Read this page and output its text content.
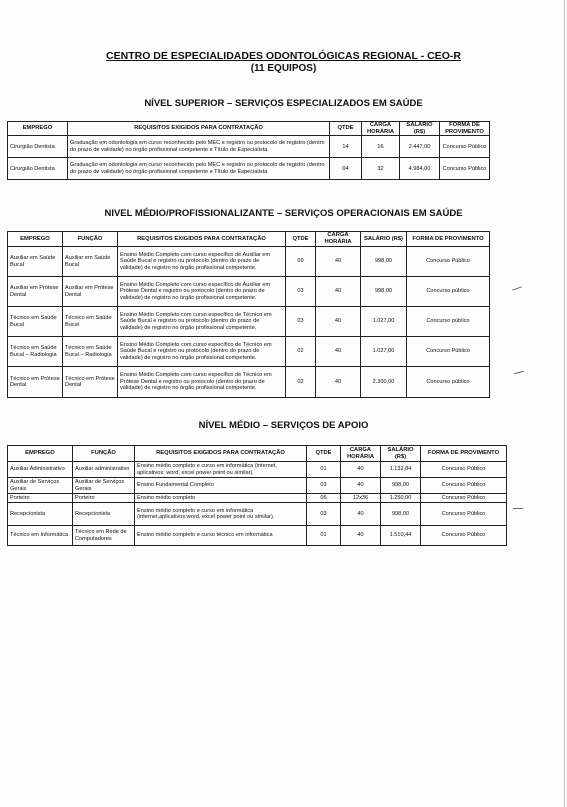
CENTRO DE ESPECIALIDADES ODONTOLÓGICAS REGIONAL - CEO-R
(11 EQUIPOS)
NÍVEL SUPERIOR – SERVIÇOS ESPECIALIZADOS EM SAÚDE
EMPREGO	REQUISITOS EXIGIDOS PARA CONTRATAÇÃO	QTDE	CARGA HORÁRIA	SALÁRIO (R$)	FORMA DE PROVIMENTO
Cirurgião Dentista	Graduação em odontologia em curso reconhecido pelo MEC e registro ou protocolo de registro (dentro do prazo de validade) no órgão profissional competente e Título de Especialista	14	16	2.447,00	Concurso Público
Cirurgião Dentista	Graduação em odontologia em curso reconhecido pelo MEC e registro ou protocolo de registro (dentro do prazo de validade) no órgão profissional competente e Título de Especialista	04	32	4.984,00	Concurso Público
NIVEL MÉDIO/PROFISSIONALIZANTE – SERVIÇOS OPERACIONAIS EM SAÚDE
EMPREGO	FUNÇÃO	REQUISITOS EXIGIDOS PARA CONTRATAÇÃO	QTDE	CARGA HORÁRIA	SALÁRIO (R$)	FORMA DE PROVIMENTO
Auxiliar em Saúde Bucal	Auxiliar em Saúde Bucal	Ensino Médio Completo com curso específico de Auxiliar em Saúde Bucal e registro ou protocolo (dentro do prazo de validade) de registro no órgão profissional competente.	09	40	998,00	Concurso Público
Auxiliar em Prótese Dental	Auxiliar em Prótese Dental	Ensino Médio Completo com curso específico de Auxiliar em Prótese Dental e registro ou protocolo (dentro do prazo de validade) de registro no órgão profissional competente.	03	40	998,00	Concurso público
Técnico em Saúde Bucal	Técnico em Saúde Bucal	Ensino Médio Completo com curso específico de Técnico em Saúde Bucal e registro ou protocolo (dentro do prazo de validade) de registro no órgão profissional competente.	03	40	1.027,00	Concurso público
Técnico em Saúde Bucal – Radiologia	Técnico em Saúde Bucal – Radiologia	Ensino Médio Completo com curso específico de Técnico em Saúde Bucal e registro ou protocolo (dentro do prazo de validade) de registro no órgão profissional competente.	02	40	1.027,00	Concurso Público
Técnico em Prótese Dental	Técnico em Prótese Dental	Ensino Médio Completo com curso específico de Técnico em Prótese Dental e registro ou protocolo (dentro do prazo de validade) de registro no órgão profissional competente.	02	40	2.300,00	Concurso público
NÍVEL MÉDIO – SERVIÇOS DE APOIO
EMPREGO	FUNÇÃO	REQUISITOS EXIGIDOS PARA CONTRATAÇÃO	QTDE	CARGA HORÁRIA	SALÁRIO (R$)	FORMA DE PROVIMENTO
Auxiliar Administrativo	Auxiliar administrativo	Ensino médio completo e curso em informática (internet, aplicativos: word, excel power point ou similar).	01	40	1.132,84	Concurso Público
Auxiliar de Serviços Gerais	Auxiliar de Serviços Gerais	Ensino Fundamental Completo	03	40	998,00	Concurso Público
Porteiro	Porteiro	Ensino médio completo	06	12x36	1.250,00	Concurso Público
Recepcionista	Recepcionista	Ensino médio completo e curso em informática (internet,aplicativos:word, excel power point ou similar).	03	40	998,00	Concurso Público
Técnico em Informática	Técnico em Rede de Computadores	Ensino médio completo e curso técnico em informática	01	40	1.510,44	Concurso Público
